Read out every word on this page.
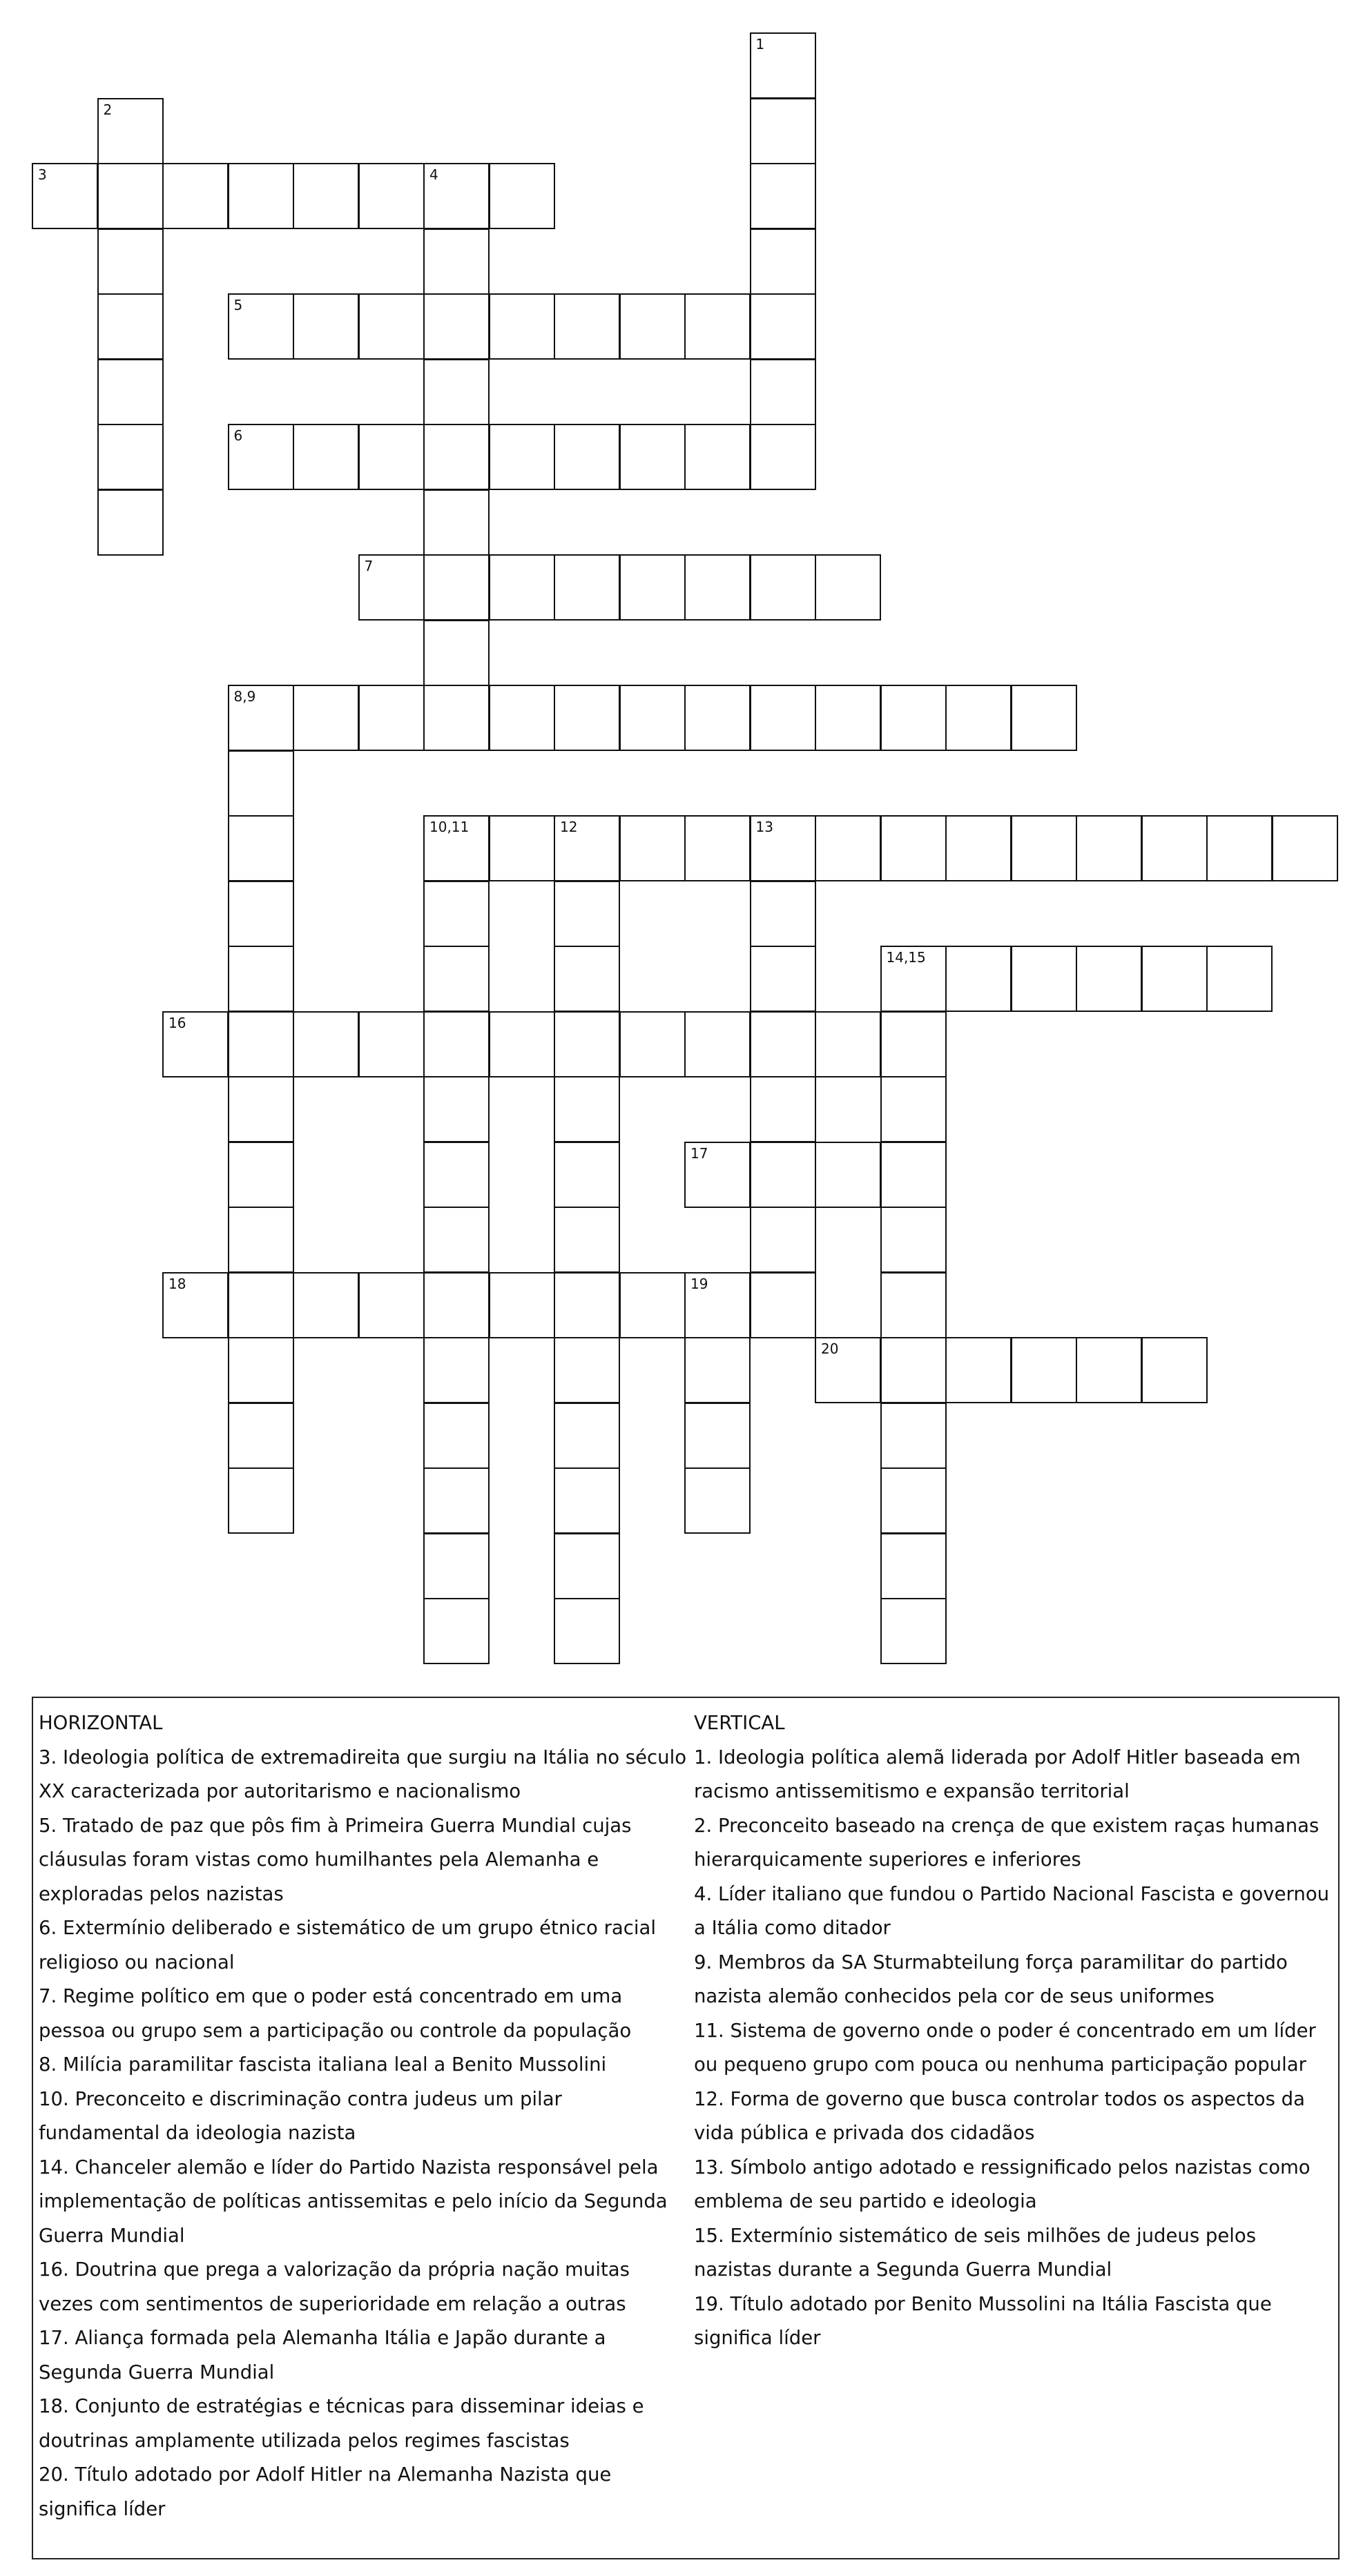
1
2
3	4
5
6
7
8,9
10,11	12	13
14,15
16
17
18	19
20

HORIZONTAL

3. Ideologia política de extremadireita que surgiu na Itália no século XX caracterizada por autoritarismo e nacionalismo

5. Tratado de paz que pôs fim à Primeira Guerra Mundial cujas cláusulas foram vistas como humilhantes pela Alemanha e exploradas pelos nazistas

6. Extermínio deliberado e sistemático de um grupo étnico racial religioso ou nacional

7. Regime político em que o poder está concentrado em uma pessoa ou grupo sem a participação ou controle da população

8. Milícia paramilitar fascista italiana leal a Benito Mussolini

10. Preconceito e discriminação contra judeus um pilar fundamental da ideologia nazista

14. Chanceler alemão e líder do Partido Nazista responsável pela implementação de políticas antissemitas e pelo início da Segunda Guerra Mundial

16. Doutrina que prega a valorização da própria nação muitas vezes com sentimentos de superioridade em relação a outras

17. Aliança formada pela Alemanha Itália e Japão durante a Segunda Guerra Mundial

18. Conjunto de estratégias e técnicas para disseminar ideias e doutrinas amplamente utilizada pelos regimes fascistas

20. Título adotado por Adolf Hitler na Alemanha Nazista que significa líder

VERTICAL

1. Ideologia política alemã liderada por Adolf Hitler baseada em racismo antissemitismo e expansão territorial

2. Preconceito baseado na crença de que existem raças humanas hierarquicamente superiores e inferiores

4. Líder italiano que fundou o Partido Nacional Fascista e governou a Itália como ditador

9. Membros da SA Sturmabteilung força paramilitar do partido nazista alemão conhecidos pela cor de seus uniformes

11. Sistema de governo onde o poder é concentrado em um líder ou pequeno grupo com pouca ou nenhuma participação popular

12. Forma de governo que busca controlar todos os aspectos da vida pública e privada dos cidadãos

13. Símbolo antigo adotado e ressignificado pelos nazistas como emblema de seu partido e ideologia

15. Extermínio sistemático de seis milhões de judeus pelos nazistas durante a Segunda Guerra Mundial

19. Título adotado por Benito Mussolini na Itália Fascista que significa líder
